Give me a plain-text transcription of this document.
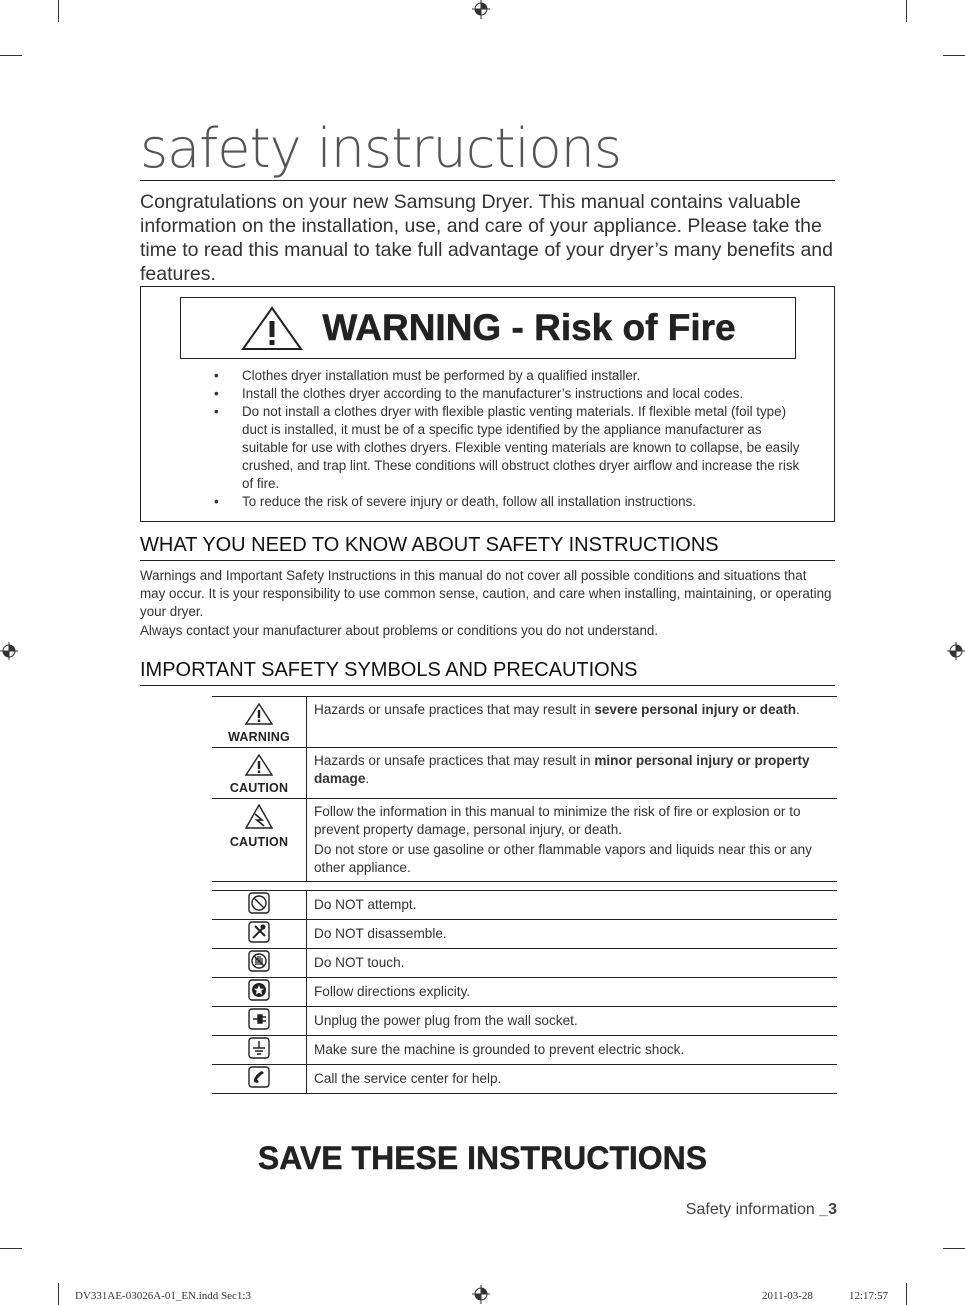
safety instructions
Congratulations on your new Samsung Dryer. This manual contains valuable information on the installation, use, and care of your appliance. Please take the time to read this manual to take full advantage of your dryer’s many benefits and features.
WARNING - Risk of Fire
• Clothes dryer installation must be performed by a qualified installer.
• Install the clothes dryer according to the manufacturer’s instructions and local codes.
• Do not install a clothes dryer with flexible plastic venting materials. If flexible metal (foil type) duct is installed, it must be of a specific type identified by the appliance manufacturer as suitable for use with clothes dryers. Flexible venting materials are known to collapse, be easily crushed, and trap lint. These conditions will obstruct clothes dryer airflow and increase the risk of fire.
• To reduce the risk of severe injury or death, follow all installation instructions.
WHAT YOU NEED TO KNOW ABOUT SAFETY INSTRUCTIONS
Warnings and Important Safety Instructions in this manual do not cover all possible conditions and situations that may occur. It is your responsibility to use common sense, caution, and care when installing, maintaining, or operating your dryer.
Always contact your manufacturer about problems or conditions you do not understand.
IMPORTANT SAFETY SYMBOLS AND PRECAUTIONS
WARNING	Hazards or unsafe practices that may result in severe personal injury or death.

CAUTION	Hazards or unsafe practices that may result in minor personal injury or property damage.

CAUTION	Follow the information in this manual to minimize the risk of fire or explosion or to prevent property damage, personal injury, or death.
Do not store or use gasoline or other flammable vapors and liquids near this or any other appliance.
	Do NOT attempt.
	Do NOT disassemble.
	Do NOT touch.
	Follow directions explicity.
	Unplug the power plug from the wall socket.
	Make sure the machine is grounded to prevent electric shock.
	Call the service center for help.
SAVE THESE INSTRUCTIONS
Safety information _3
DV331AE-03026A-01_EN.indd Sec1:3	2011-03-28	12:17:57
